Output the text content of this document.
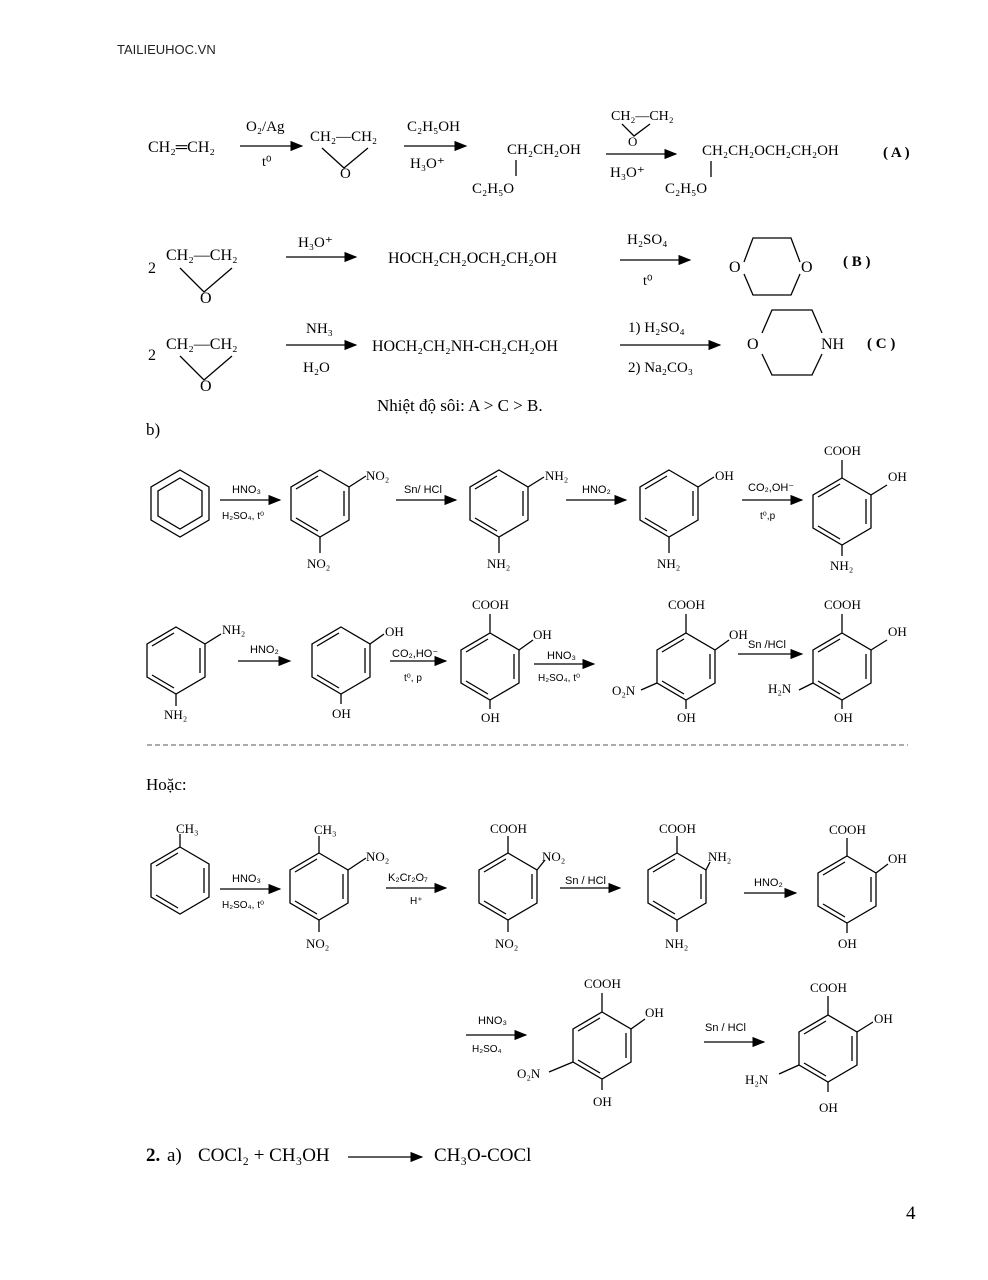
TAILIEUHOC.VN
CH₂═CH₂
O₂/Ag
t⁰
CH₂—CH₂
O
C₂H₅OH
H₃O⁺
CH₂CH₂OH
C₂H₅O
CH₂—CH₂
O
H₃O⁺
CH₂CH₂OCH₂CH₂OH
C₂H₅O
( A )
2
CH₂—CH₂
O
H₃O⁺
HOCH₂CH₂OCH₂CH₂OH
H₂SO₄
t⁰
O	O ( B )
2
CH₂—CH₂
O
NH₃
H₂O
HOCH₂CH₂NH-CH₂CH₂OH
1) H₂SO₄
2) Na₂CO₃
O	NH ( C )
Nhiệt độ sôi: A > C > B.
b)
HNO₃
H₂SO₄, t⁰
NO₂
NO₂
Sn/ HCl
NH₂
NH₂
HNO₂
OH
NH₂
CO₂,OH⁻
t⁰,p
COOH
OH
NH₂
NH₂
NH₂
HNO₂
OH
OH
CO₂,HO⁻
t⁰, p
COOH
OH
OH
HNO₃
H₂SO₄, t⁰
COOH
OH
O₂N
OH
Sn /HCl
COOH
OH
H₂N
OH
Hoặc:
CH₃
HNO₃
H₂SO₄, t⁰
CH₃
NO₂
NO₂
K₂Cr₂O₇
H⁺
COOH
NO₂
NO₂
Sn / HCl
COOH
NH₂
NH₂
HNO₂
COOH
OH
OH
HNO₃
H₂SO₄
COOH
OH
O₂N
OH
Sn / HCl
COOH
OH
H₂N
OH
2. a) COCl₂ + CH₃OH	CH₃O-COCl
4
